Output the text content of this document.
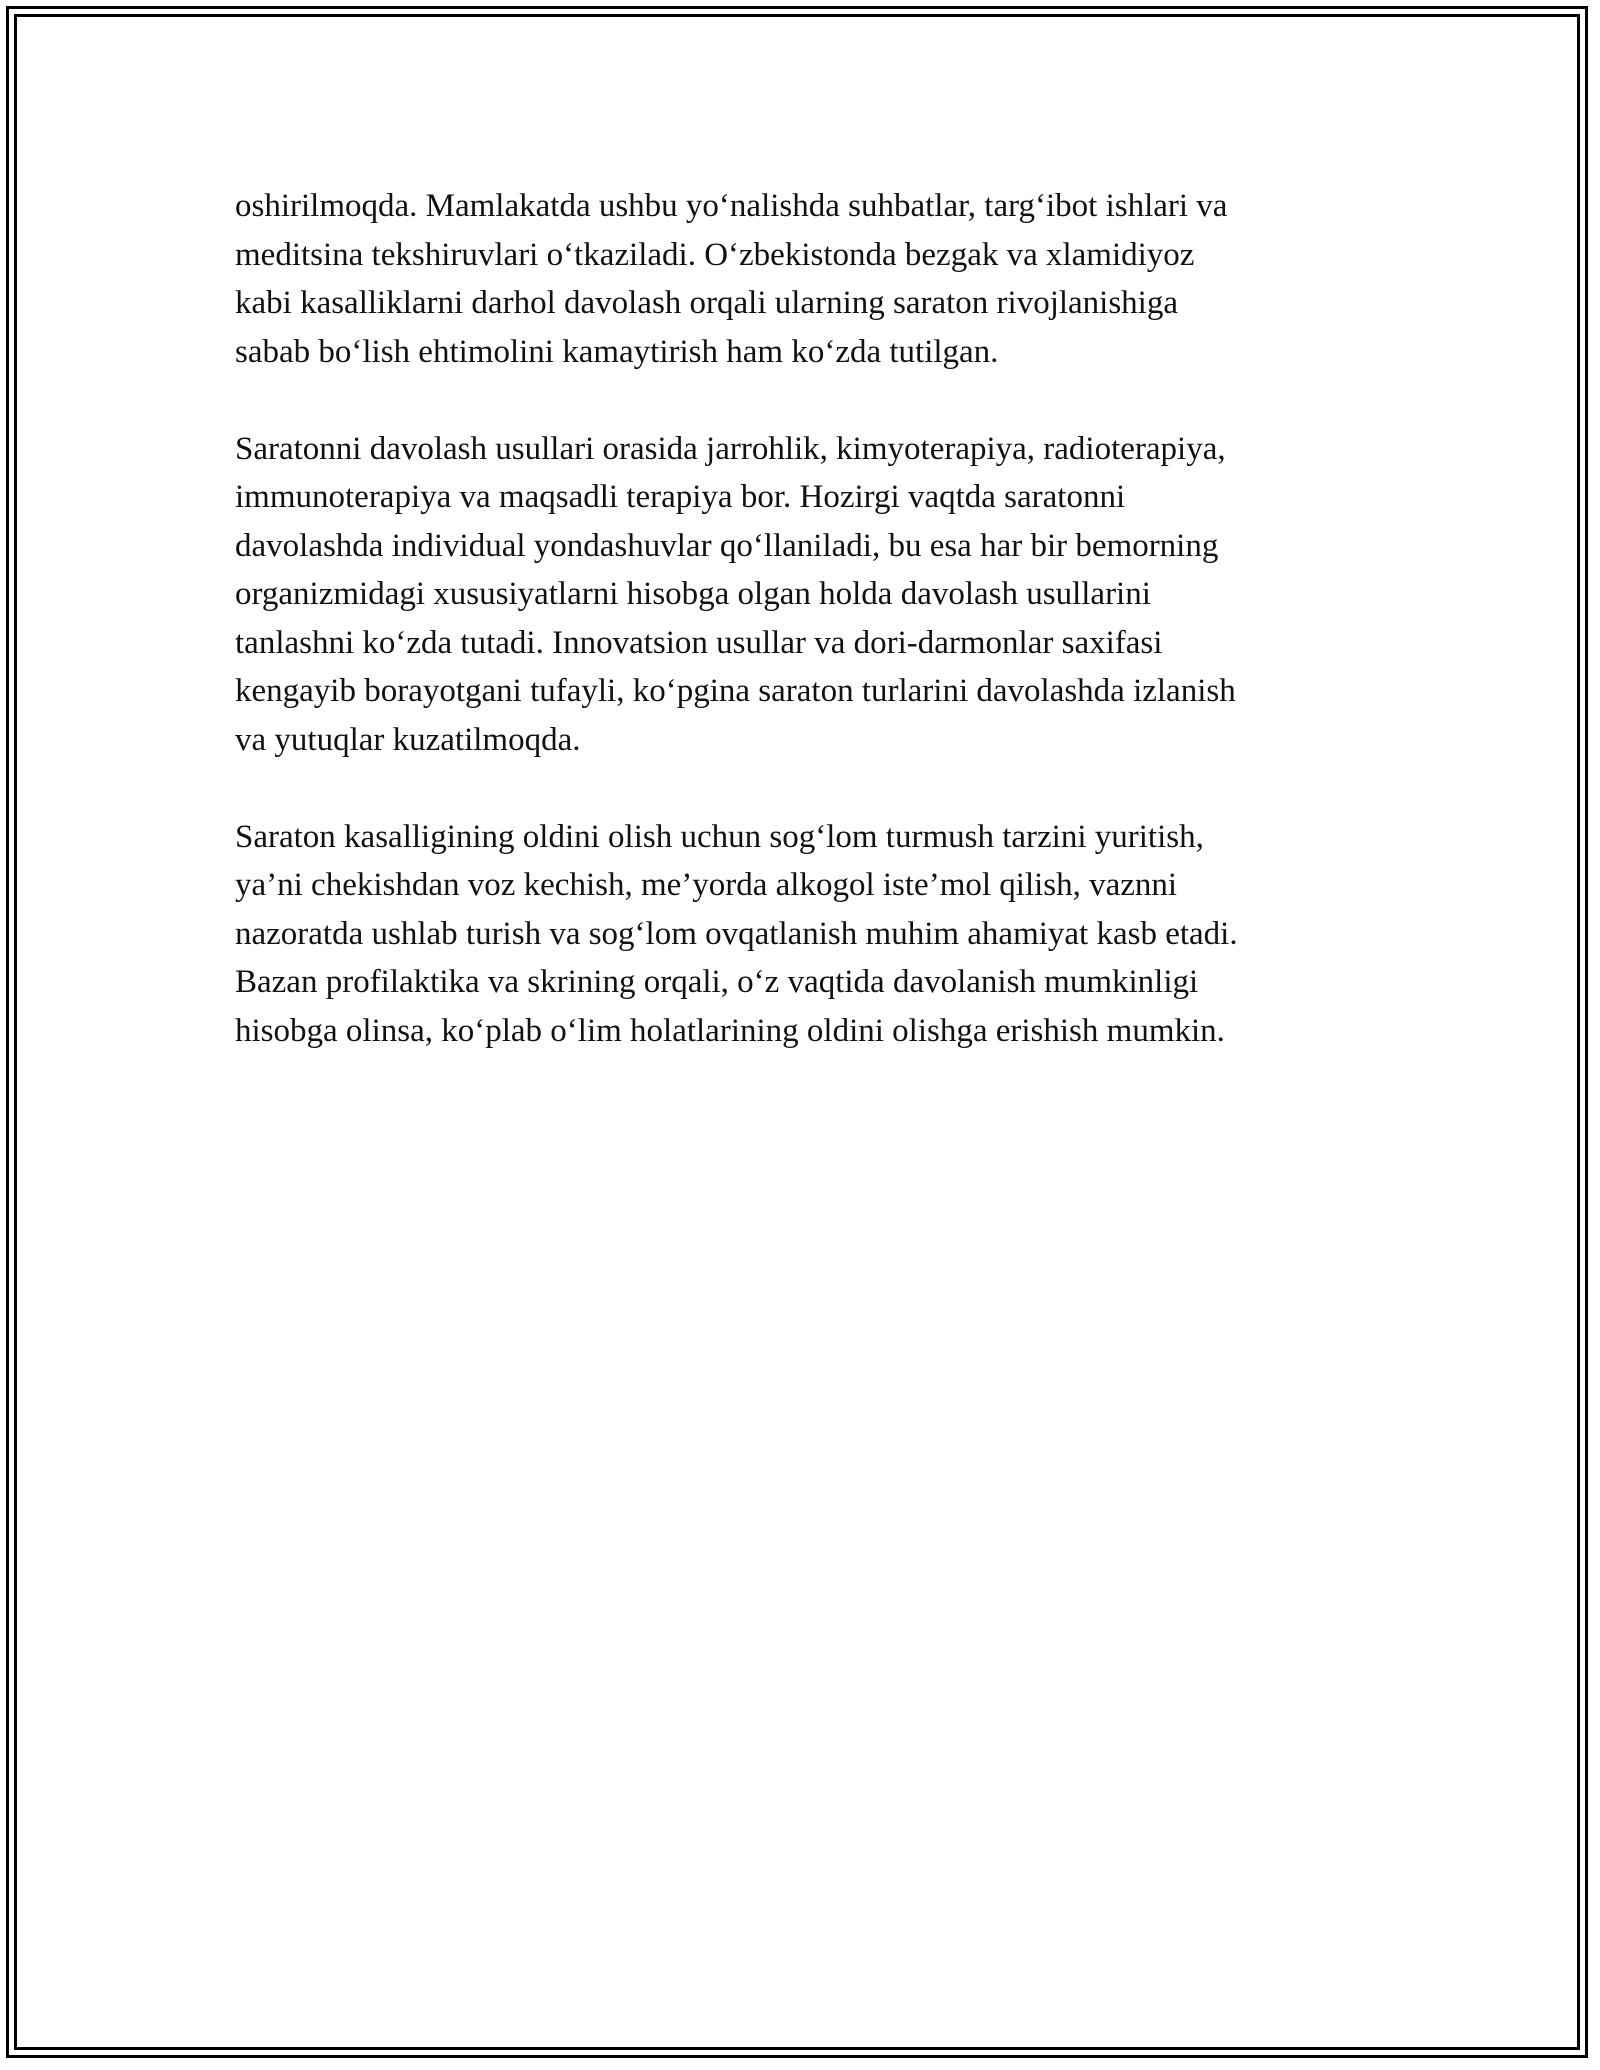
oshirilmoqda. Mamlakatda ushbu yo‘nalishda suhbatlar, targ‘ibot ishlari va
meditsina tekshiruvlari o‘tkaziladi. O‘zbekistonda bezgak va xlamidiyoz
kabi kasalliklarni darhol davolash orqali ularning saraton rivojlanishiga
sabab bo‘lish ehtimolini kamaytirish ham ko‘zda tutilgan.

Saratonni davolash usullari orasida jarrohlik, kimyoterapiya, radioterapiya,
immunoterapiya va maqsadli terapiya bor. Hozirgi vaqtda saratonni
davolashda individual yondashuvlar qo‘llaniladi, bu esa har bir bemorning
organizmidagi xususiyatlarni hisobga olgan holda davolash usullarini
tanlashni ko‘zda tutadi. Innovatsion usullar va dori-darmonlar saxifasi
kengayib borayotgani tufayli, ko‘pgina saraton turlarini davolashda izlanish
va yutuqlar kuzatilmoqda.

Saraton kasalligining oldini olish uchun sog‘lom turmush tarzini yuritish,
ya’ni chekishdan voz kechish, me’yorda alkogol iste’mol qilish, vaznni
nazoratda ushlab turish va sog‘lom ovqatlanish muhim ahamiyat kasb etadi.
Bazan profilaktika va skrining orqali, o‘z vaqtida davolanish mumkinligi
hisobga olinsa, ko‘plab o‘lim holatlarining oldini olishga erishish mumkin.
